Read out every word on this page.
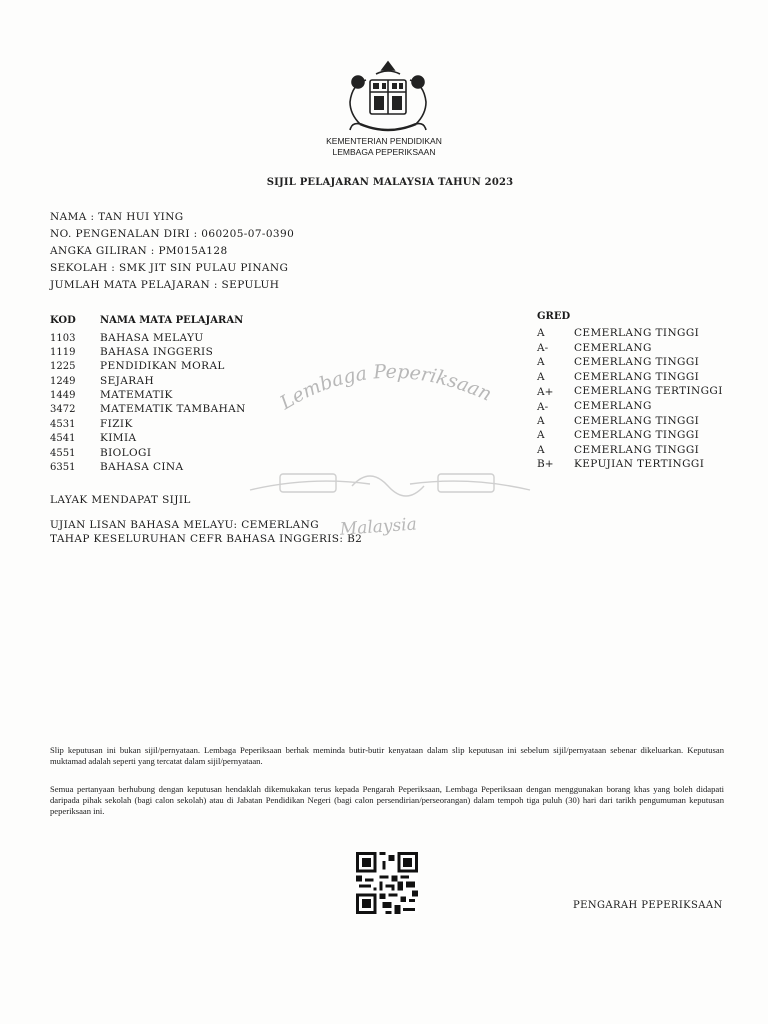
KEMENTERIAN PENDIDIKAN
LEMBAGA PEPERIKSAAN
SIJIL PELAJARAN MALAYSIA TAHUN 2023
NAMA : TAN HUI YING
NO. PENGENALAN DIRI : 060205-07-0390
ANGKA GILIRAN : PM015A128
SEKOLAH : SMK JIT SIN PULAU PINANG
JUMLAH MATA PELAJARAN : SEPULUH
KOD NAMA MATA PELAJARAN	GRED
1103 BAHASA MELAYU	A	CEMERLANG TINGGI
1119 BAHASA INGGERIS	A- CEMERLANG
1225 PENDIDIKAN MORAL	A	CEMERLANG TINGGI
1249 SEJARAH	A	CEMERLANG TINGGI
1449 MATEMATIK	A+ CEMERLANG TERTINGGI
3472 MATEMATIK TAMBAHAN	A- CEMERLANG
4531 FIZIK	A	CEMERLANG TINGGI
4541 KIMIA	A	CEMERLANG TINGGI
4551 BIOLOGI	A	CEMERLANG TINGGI
6351 BAHASA CINA	B+ KEPUJIAN TERTINGGI
Lembaga Peperiksaan
Malaysia
LAYAK MENDAPAT SIJIL
UJIAN LISAN BAHASA MELAYU: CEMERLANG
TAHAP KESELURUHAN CEFR BAHASA INGGERIS: B2
Slip keputusan ini bukan sijil/pernyataan. Lembaga Peperiksaan berhak meminda butir-butir kenyataan dalam slip keputusan ini sebelum sijil/pernyataan sebenar dikeluarkan. Keputusan muktamad adalah seperti yang tercatat dalam sijil/pernyataan.
Semua pertanyaan berhubung dengan keputusan hendaklah dikemukakan terus kepada Pengarah Peperiksaan, Lembaga Peperiksaan dengan menggunakan borang khas yang boleh didapati daripada pihak sekolah (bagi calon sekolah) atau di Jabatan Pendidikan Negeri (bagi calon persendirian/perseorangan) dalam tempoh tiga puluh (30) hari dari tarikh pengumuman keputusan peperiksaan ini.
PENGARAH PEPERIKSAAN
